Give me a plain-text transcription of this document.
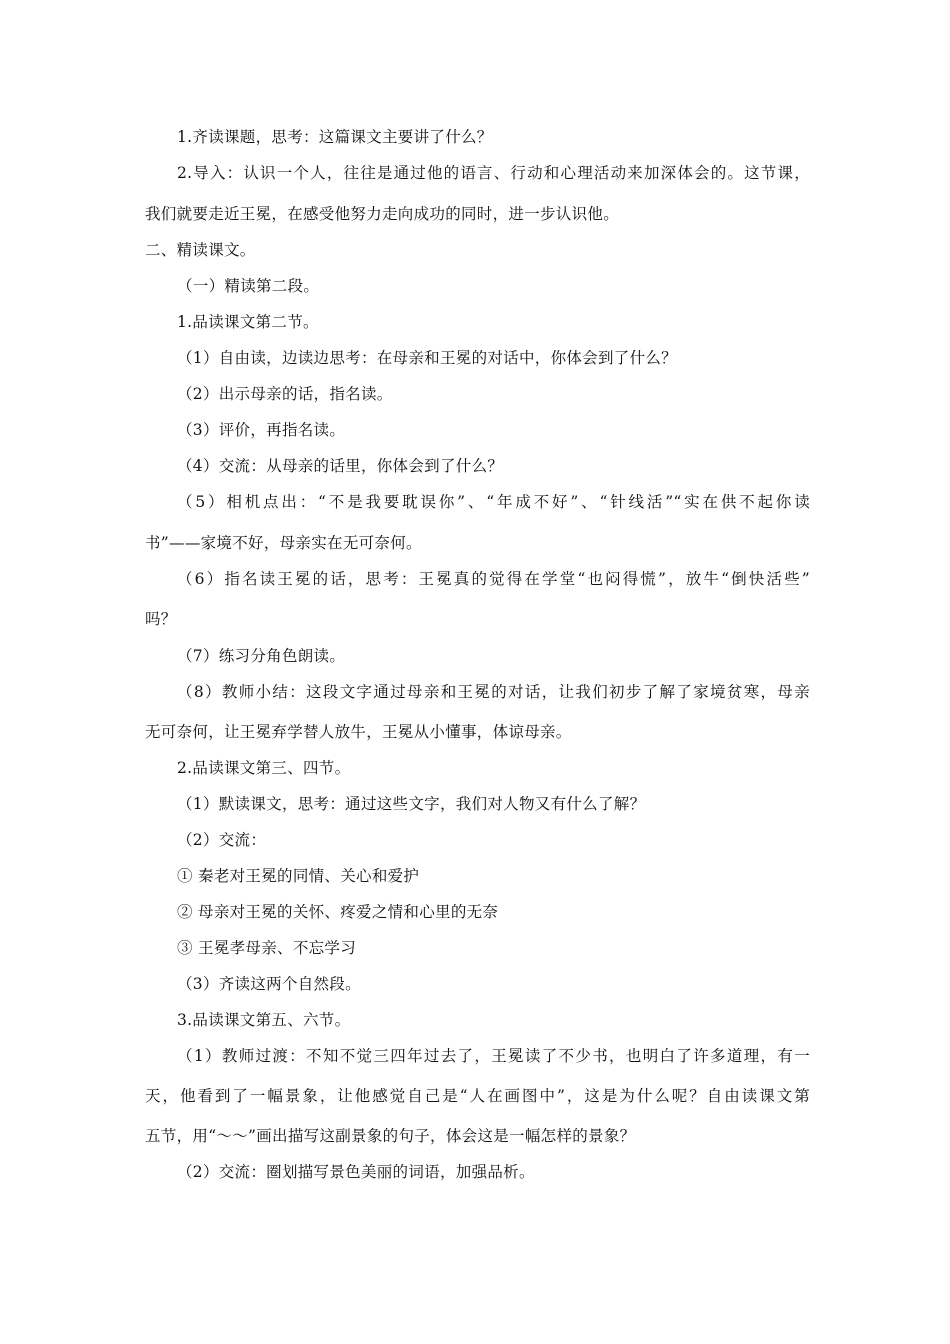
1.齐读课题，思考：这篇课文主要讲了什么？
2.导入：认识一个人，往往是通过他的语言、行动和心理活动来加深体会的。这节课，
我们就要走近王冕，在感受他努力走向成功的同时，进一步认识他。
二、精读课文。
（一）精读第二段。
1.品读课文第二节。
（1）自由读，边读边思考：在母亲和王冕的对话中，你体会到了什么？
（2）出示母亲的话，指名读。
（3）评价，再指名读。
（4）交流：从母亲的话里，你体会到了什么？
（5）相机点出：“不是我要耽误你”、“年成不好”、“针线活”“实在供不起你读
书”——家境不好，母亲实在无可奈何。
（6）指名读王冕的话，思考：王冕真的觉得在学堂“也闷得慌”，放牛“倒快活些”
吗？
（7）练习分角色朗读。
（8）教师小结：这段文字通过母亲和王冕的对话，让我们初步了解了家境贫寒，母亲
无可奈何，让王冕弃学替人放牛，王冕从小懂事，体谅母亲。
2.品读课文第三、四节。
（1）默读课文，思考：通过这些文字，我们对人物又有什么了解？
（2）交流：
① 秦老对王冕的同情、关心和爱护
② 母亲对王冕的关怀、疼爱之情和心里的无奈
③ 王冕孝母亲、不忘学习
（3）齐读这两个自然段。
3.品读课文第五、六节。
（1）教师过渡：不知不觉三四年过去了，王冕读了不少书，也明白了许多道理，有一
天，他看到了一幅景象，让他感觉自己是“人在画图中”，这是为什么呢？自由读课文第
五节，用“～～”画出描写这副景象的句子，体会这是一幅怎样的景象？
（2）交流：圈划描写景色美丽的词语，加强品析。
